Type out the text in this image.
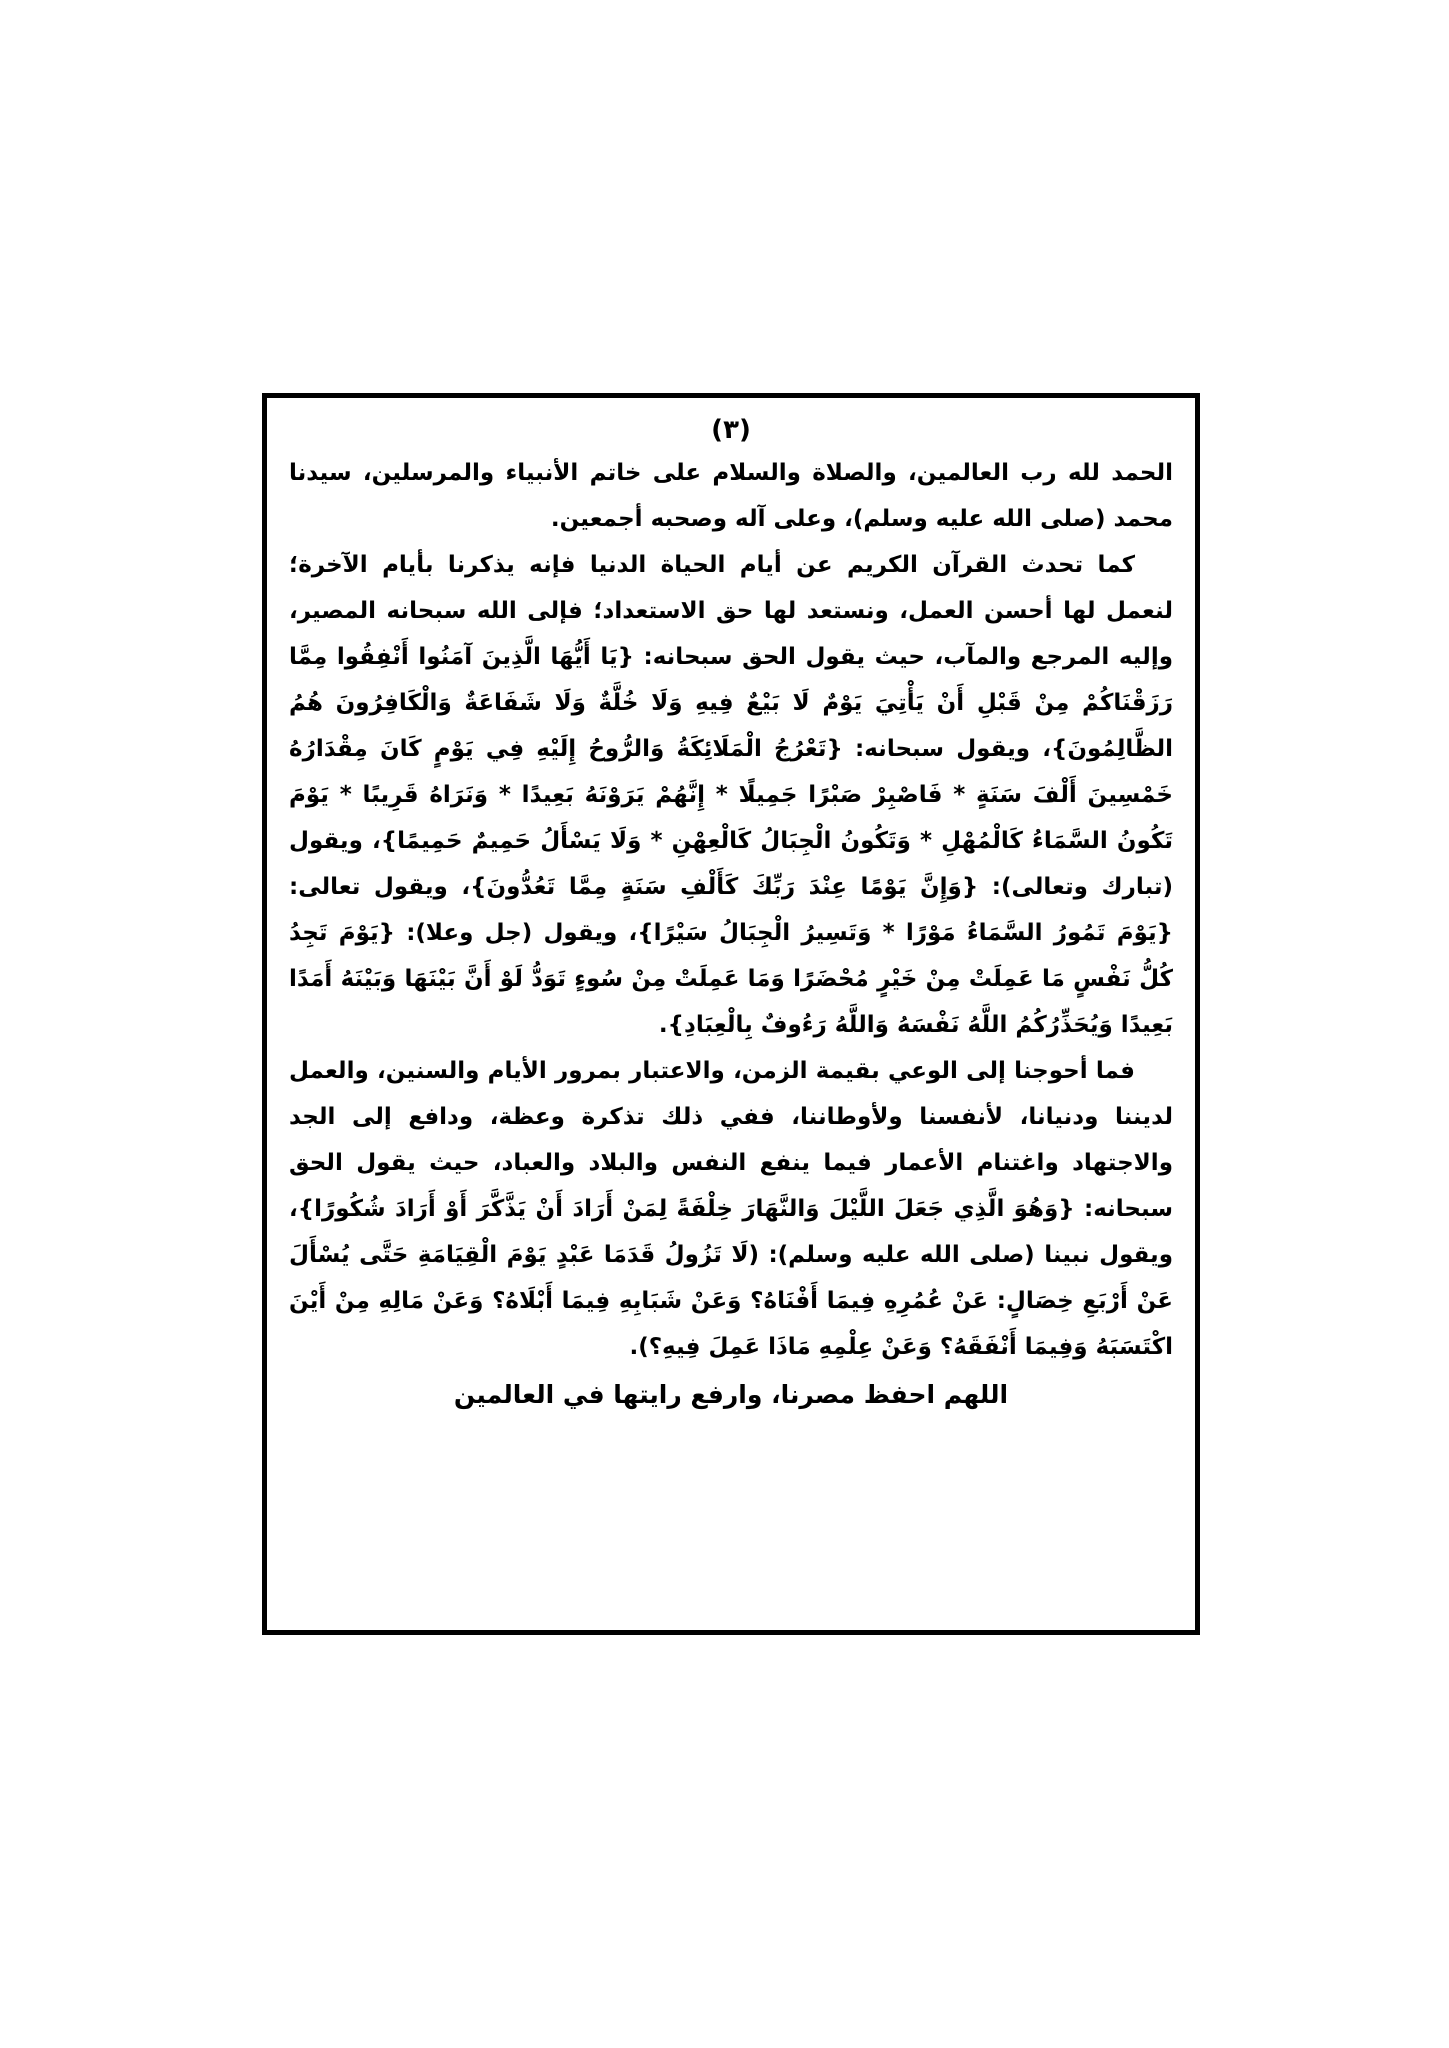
(٣)

الحمد لله رب العالمين، والصلاة والسلام على خاتم الأنبياء والمرسلين، سيدنا محمد (صلى الله عليه وسلم)، وعلى آله وصحبه أجمعين.

كما تحدث القرآن الكريم عن أيام الحياة الدنيا فإنه يذكرنا بأيام الآخرة؛ لنعمل لها أحسن العمل، ونستعد لها حق الاستعداد؛ فإلى الله سبحانه المصير، وإليه المرجع والمآب، حيث يقول الحق سبحانه: {يَا أَيُّهَا الَّذِينَ آمَنُوا أَنْفِقُوا مِمَّا رَزَقْنَاكُمْ مِنْ قَبْلِ أَنْ يَأْتِيَ يَوْمٌ لَا بَيْعٌ فِيهِ وَلَا خُلَّةٌ وَلَا شَفَاعَةٌ وَالْكَافِرُونَ هُمُ الظَّالِمُونَ}، ويقول سبحانه: {تَعْرُجُ الْمَلَائِكَةُ وَالرُّوحُ إِلَيْهِ فِي يَوْمٍ كَانَ مِقْدَارُهُ خَمْسِينَ أَلْفَ سَنَةٍ * فَاصْبِرْ صَبْرًا جَمِيلًا * إِنَّهُمْ يَرَوْنَهُ بَعِيدًا * وَنَرَاهُ قَرِيبًا * يَوْمَ تَكُونُ السَّمَاءُ كَالْمُهْلِ * وَتَكُونُ الْجِبَالُ كَالْعِهْنِ * وَلَا يَسْأَلُ حَمِيمٌ حَمِيمًا}، ويقول (تبارك وتعالى): {وَإِنَّ يَوْمًا عِنْدَ رَبِّكَ كَأَلْفِ سَنَةٍ مِمَّا تَعُدُّونَ}، ويقول تعالى: {يَوْمَ تَمُورُ السَّمَاءُ مَوْرًا * وَتَسِيرُ الْجِبَالُ سَيْرًا}، ويقول (جل وعلا): {يَوْمَ تَجِدُ كُلُّ نَفْسٍ مَا عَمِلَتْ مِنْ خَيْرٍ مُحْضَرًا وَمَا عَمِلَتْ مِنْ سُوءٍ تَوَدُّ لَوْ أَنَّ بَيْنَهَا وَبَيْنَهُ أَمَدًا بَعِيدًا وَيُحَذِّرُكُمُ اللَّهُ نَفْسَهُ وَاللَّهُ رَءُوفٌ بِالْعِبَادِ}.

فما أحوجنا إلى الوعي بقيمة الزمن، والاعتبار بمرور الأيام والسنين، والعمل لديننا ودنيانا، لأنفسنا ولأوطاننا، ففي ذلك تذكرة وعظة، ودافع إلى الجد والاجتهاد واغتنام الأعمار فيما ينفع النفس والبلاد والعباد، حيث يقول الحق سبحانه: {وَهُوَ الَّذِي جَعَلَ اللَّيْلَ وَالنَّهَارَ خِلْفَةً لِمَنْ أَرَادَ أَنْ يَذَّكَّرَ أَوْ أَرَادَ شُكُورًا}، ويقول نبينا (صلى الله عليه وسلم): (لَا تَزُولُ قَدَمَا عَبْدٍ يَوْمَ الْقِيَامَةِ حَتَّى يُسْأَلَ عَنْ أَرْبَعِ خِصَالٍ: عَنْ عُمُرِهِ فِيمَا أَفْنَاهُ؟ وَعَنْ شَبَابِهِ فِيمَا أَبْلَاهُ؟ وَعَنْ مَالِهِ مِنْ أَيْنَ اكْتَسَبَهُ وَفِيمَا أَنْفَقَهُ؟ وَعَنْ عِلْمِهِ مَاذَا عَمِلَ فِيهِ؟).

اللهم احفظ مصرنا، وارفع رايتها في العالمين
